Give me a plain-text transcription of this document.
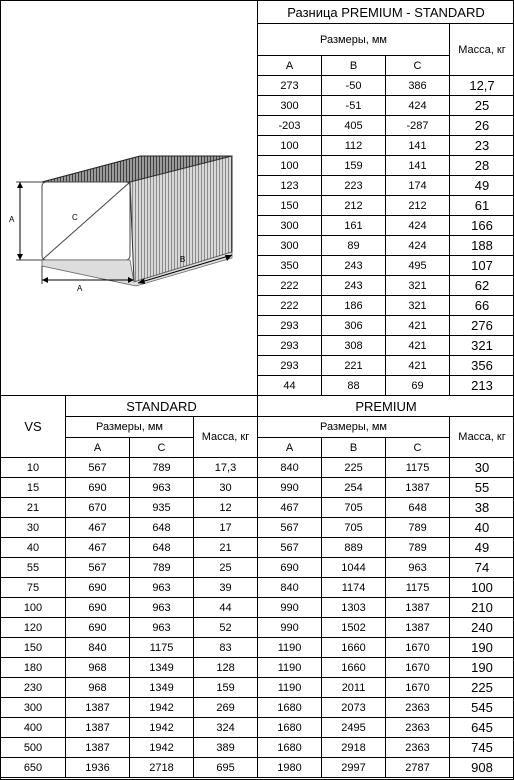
A	C
B
A
Разница PREMIUM - STANDARD			
Размеры, мм			Масса, кг
A	B	C	
273	-50	386	12,7
300	-51	424	25
-203	405	-287	26
100	112	141	23
100	159	141	28
123	223	174	49
150	212	212	61
300	161	424	166
300	89	424	188
350	243	495	107
222	243	321	62
222	186	321	66
293	306	421	276
293	308	421	321
293	221	421	356
44	88	69	213
VS	STANDARD			PREMIUM			
	Размеры, мм		Масса, кг	Размеры, мм			Масса, кг
	A	C		A	B	C	
10	567	789	17,3	840	225	1175	30
15	690	963	30	990	254	1387	55
21	670	935	12	467	705	648	38
30	467	648	17	567	705	789	40
40	467	648	21	567	889	789	49
55	567	789	25	690	1044	963	74
75	690	963	39	840	1174	1175	100
100	690	963	44	990	1303	1387	210
120	690	963	52	990	1502	1387	240
150	840	1175	83	1190	1660	1670	190
180	968	1349	128	1190	1660	1670	190
230	968	1349	159	1190	2011	1670	225
300	1387	1942	269	1680	2073	2363	545
400	1387	1942	324	1680	2495	2363	645
500	1387	1942	389	1680	2918	2363	745
650	1936	2718	695	1980	2997	2787	908
